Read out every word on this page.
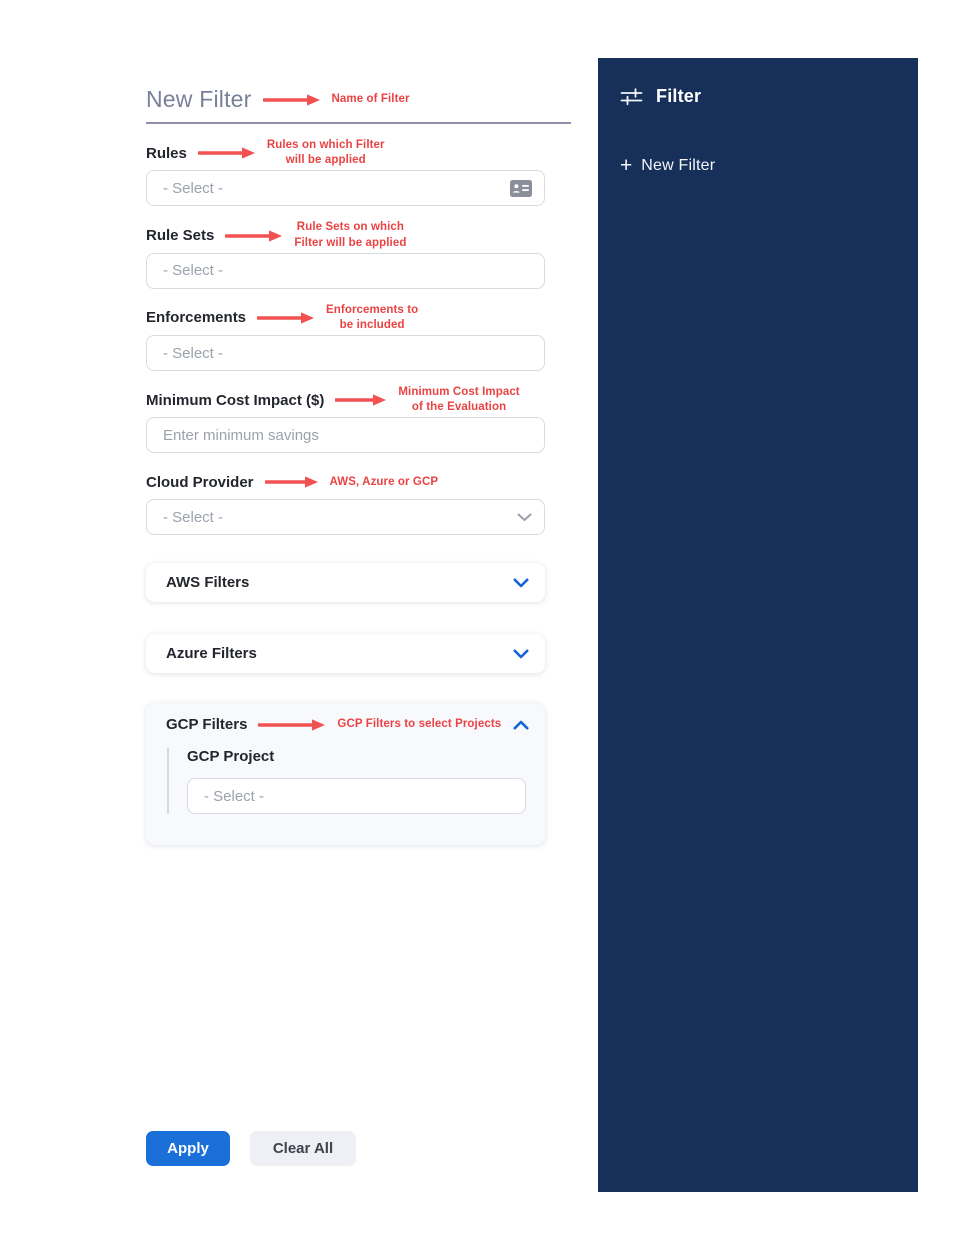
New Filter	Name of Filter
Rules	Rules on which Filter
will be applied
- Select -
Rule Sets	Rule Sets on which
Filter will be applied
- Select -
Enforcements	Enforcements to
be included
- Select -
Minimum Cost Impact ($)	Minimum Cost Impact
of the Evaluation
Enter minimum savings
Cloud Provider	AWS, Azure or GCP
- Select -
AWS Filters
Azure Filters
GCP Filters	GCP Filters to select Projects
GCP Project
- Select -
Apply	Clear All
Filter
+ New Filter
